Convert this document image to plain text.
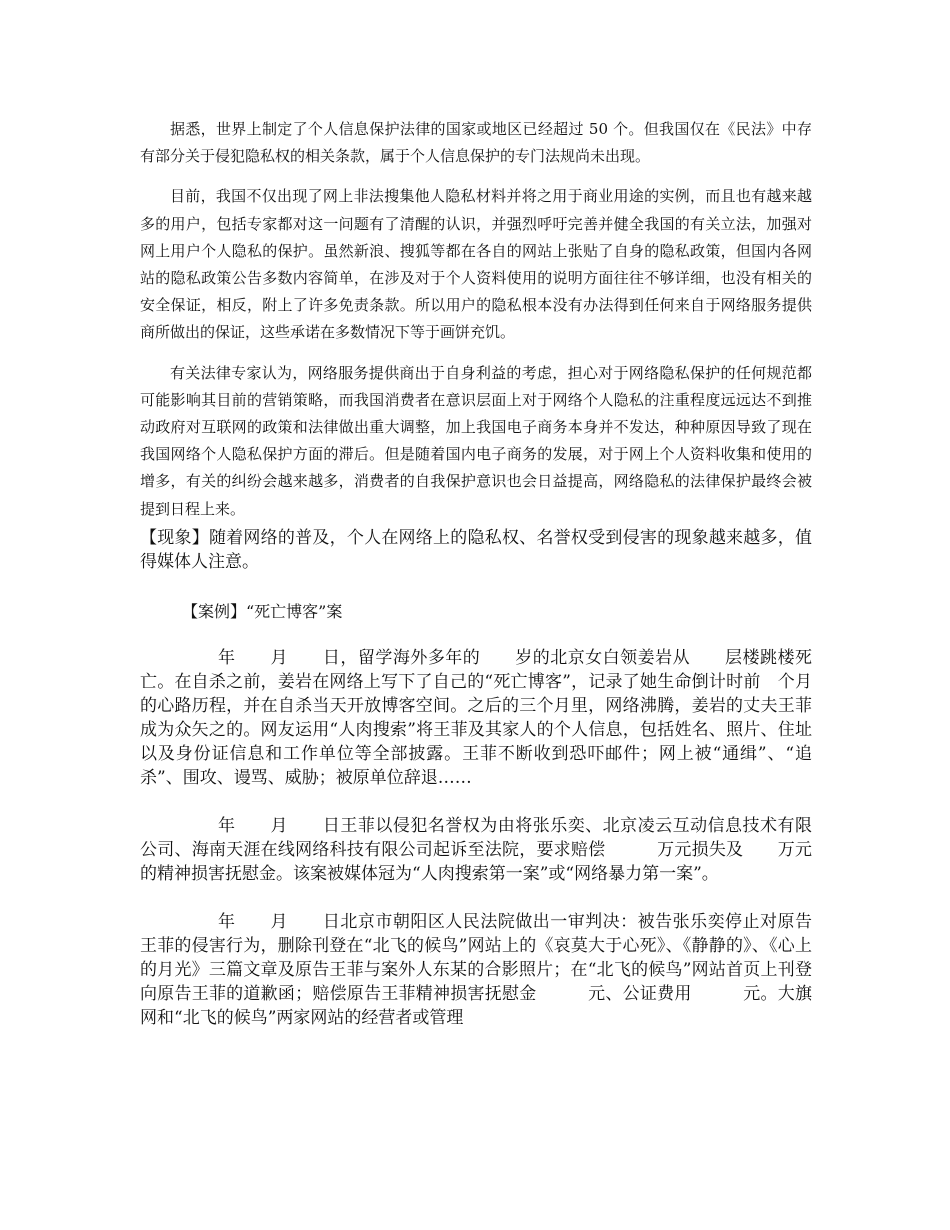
据悉，世界上制定了个人信息保护法律的国家或地区已经超过 50 个。但我国仅在《民法》中存有部分关于侵犯隐私权的相关条款，属于个人信息保护的专门法规尚未出现。

目前，我国不仅出现了网上非法搜集他人隐私材料并将之用于商业用途的实例，而且也有越来越多的用户，包括专家都对这一问题有了清醒的认识，并强烈呼吁完善并健全我国的有关立法，加强对网上用户个人隐私的保护。虽然新浪、搜狐等都在各自的网站上张贴了自身的隐私政策，但国内各网站的隐私政策公告多数内容简单，在涉及对于个人资料使用的说明方面往往不够详细，也没有相关的安全保证，相反，附上了许多免责条款。所以用户的隐私根本没有办法得到任何来自于网络服务提供商所做出的保证，这些承诺在多数情况下等于画饼充饥。

有关法律专家认为，网络服务提供商出于自身利益的考虑，担心对于网络隐私保护的任何规范都可能影响其目前的营销策略，而我国消费者在意识层面上对于网络个人隐私的注重程度远远达不到推动政府对互联网的政策和法律做出重大调整，加上我国电子商务本身并不发达，种种原因导致了现在我国网络个人隐私保护方面的滞后。但是随着国内电子商务的发展，对于网上个人资料收集和使用的增多，有关的纠纷会越来越多，消费者的自我保护意识也会日益提高，网络隐私的法律保护最终会被提到日程上来。

【现象】随着网络的普及，个人在网络上的隐私权、名誉权受到侵害的现象越来越多，值得媒体人注意。

【案例】“死亡博客”案

年　　月　　日，留学海外多年的　　岁的北京女白领姜岩从　　层楼跳楼死亡。在自杀之前，姜岩在网络上写下了自己的“死亡博客”，记录了她生命倒计时前　个月的心路历程，并在自杀当天开放博客空间。之后的三个月里，网络沸腾，姜岩的丈夫王菲成为众矢之的。网友运用“人肉搜索”将王菲及其家人的个人信息，包括姓名、照片、住址以及身份证信息和工作单位等全部披露。王菲不断收到恐吓邮件；网上被“通缉”、“追杀”、围攻、谩骂、威胁；被原单位辞退……

年　　月　　日王菲以侵犯名誉权为由将张乐奕、北京凌云互动信息技术有限公司、海南天涯在线网络科技有限公司起诉至法院，要求赔偿　　　万元损失及　　万元的精神损害抚慰金。该案被媒体冠为“人肉搜索第一案”或“网络暴力第一案”。

年　　月　　日北京市朝阳区人民法院做出一审判决：被告张乐奕停止对原告王菲的侵害行为，删除刊登在“北飞的候鸟”网站上的《哀莫大于心死》、《静静的》、《心上的月光》三篇文章及原告王菲与案外人东某的合影照片；在“北飞的候鸟”网站首页上刊登向原告王菲的道歉函；赔偿原告王菲精神损害抚慰金　　　元、公证费用　　　元。大旗网和“北飞的候鸟”两家网站的经营者或管理
